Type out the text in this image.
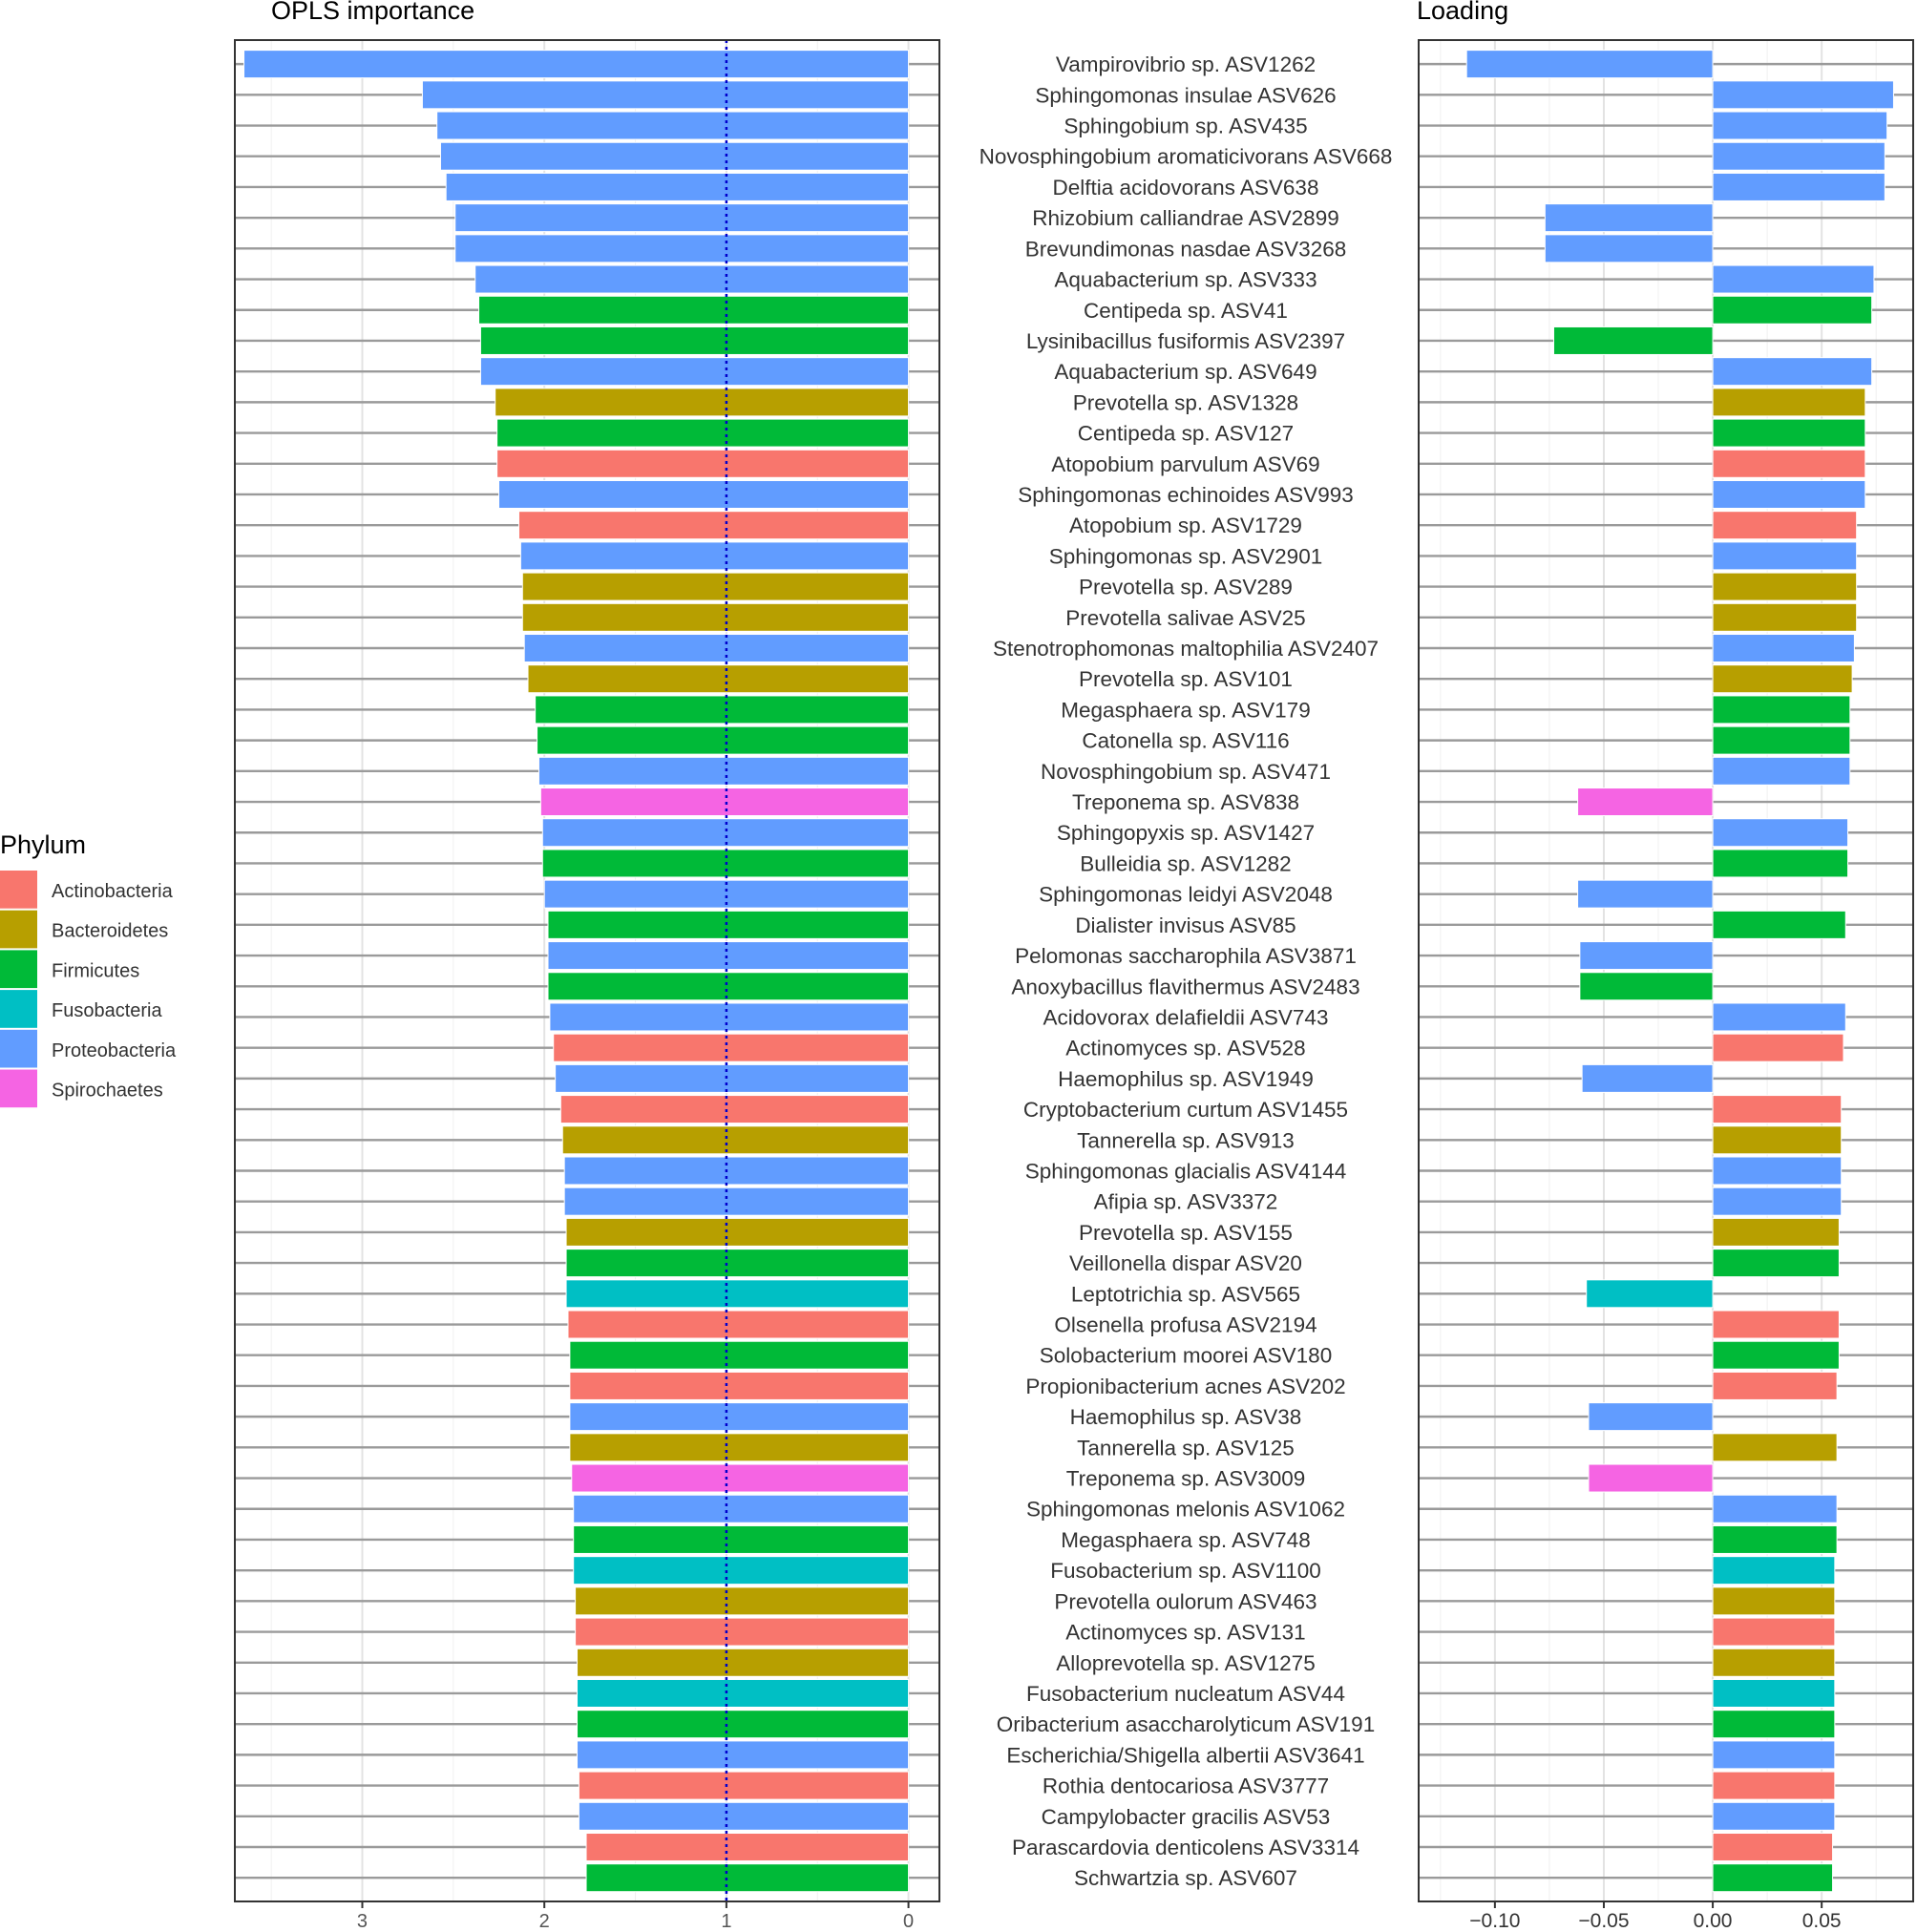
OPLS importance	Loading
Phylum
Actinobacteria
Bacteroidetes
Firmicutes
Fusobacteria
Proteobacteria
Spirochaetes
3	2	1	0
Vampirovibrio sp. ASV1262
Sphingomonas insulae ASV626
Sphingobium sp. ASV435
Novosphingobium aromaticivorans ASV668
Delftia acidovorans ASV638
Rhizobium calliandrae ASV2899
Brevundimonas nasdae ASV3268
Aquabacterium sp. ASV333
Centipeda sp. ASV41
Lysinibacillus fusiformis ASV2397
Aquabacterium sp. ASV649
Prevotella sp. ASV1328
Centipeda sp. ASV127
Atopobium parvulum ASV69
Sphingomonas echinoides ASV993
Atopobium sp. ASV1729
Sphingomonas sp. ASV2901
Prevotella sp. ASV289
Prevotella salivae ASV25
Stenotrophomonas maltophilia ASV2407
Prevotella sp. ASV101
Megasphaera sp. ASV179
Catonella sp. ASV116
Novosphingobium sp. ASV471
Treponema sp. ASV838
Sphingopyxis sp. ASV1427
Bulleidia sp. ASV1282
Sphingomonas leidyi ASV2048
Dialister invisus ASV85
Pelomonas saccharophila ASV3871
Anoxybacillus flavithermus ASV2483
Acidovorax delafieldii ASV743
Actinomyces sp. ASV528
Haemophilus sp. ASV1949
Cryptobacterium curtum ASV1455
Tannerella sp. ASV913
Sphingomonas glacialis ASV4144
Afipia sp. ASV3372
Prevotella sp. ASV155
Veillonella dispar ASV20
Leptotrichia sp. ASV565
Olsenella profusa ASV2194
Solobacterium moorei ASV180
Propionibacterium acnes ASV202
Haemophilus sp. ASV38
Tannerella sp. ASV125
Treponema sp. ASV3009
Sphingomonas melonis ASV1062
Megasphaera sp. ASV748
Fusobacterium sp. ASV1100
Prevotella oulorum ASV463
Actinomyces sp. ASV131
Alloprevotella sp. ASV1275
Fusobacterium nucleatum ASV44
Oribacterium asaccharolyticum ASV191
Escherichia/Shigella albertii ASV3641
Rothia dentocariosa ASV3777
Campylobacter gracilis ASV53
Parascardovia denticolens ASV3314
Schwartzia sp. ASV607
−0.10	−0.05	0.00	0.05
